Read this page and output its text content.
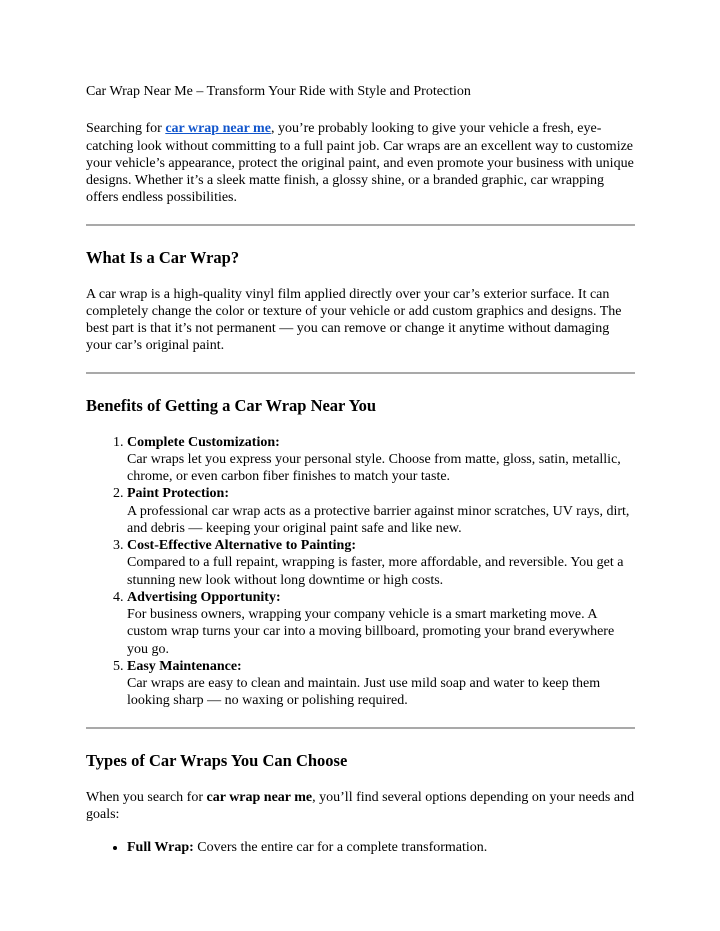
Car Wrap Near Me – Transform Your Ride with Style and Protection

Searching for car wrap near me, you’re probably looking to give your vehicle a fresh, eye-catching look without committing to a full paint job. Car wraps are an excellent way to customize your vehicle’s appearance, protect the original paint, and even promote your business with unique designs. Whether it’s a sleek matte finish, a glossy shine, or a branded graphic, car wrapping offers endless possibilities.

What Is a Car Wrap?

A car wrap is a high-quality vinyl film applied directly over your car’s exterior surface. It can completely change the color or texture of your vehicle or add custom graphics and designs. The best part is that it’s not permanent — you can remove or change it anytime without damaging your car’s original paint.

Benefits of Getting a Car Wrap Near You
1. Complete Customization:
Car wraps let you express your personal style. Choose from matte, gloss, satin, metallic, chrome, or even carbon fiber finishes to match your taste.
2. Paint Protection:
A professional car wrap acts as a protective barrier against minor scratches, UV rays, dirt, and debris — keeping your original paint safe and like new.
3. Cost-Effective Alternative to Painting:
Compared to a full repaint, wrapping is faster, more affordable, and reversible. You get a stunning new look without long downtime or high costs.
4. Advertising Opportunity:
For business owners, wrapping your company vehicle is a smart marketing move. A custom wrap turns your car into a moving billboard, promoting your brand everywhere you go.
5. Easy Maintenance:
Car wraps are easy to clean and maintain. Just use mild soap and water to keep them looking sharp — no waxing or polishing required.
Types of Car Wraps You Can Choose

When you search for car wrap near me, you’ll find several options depending on your needs and goals:

• Full Wrap: Covers the entire car for a complete transformation.
